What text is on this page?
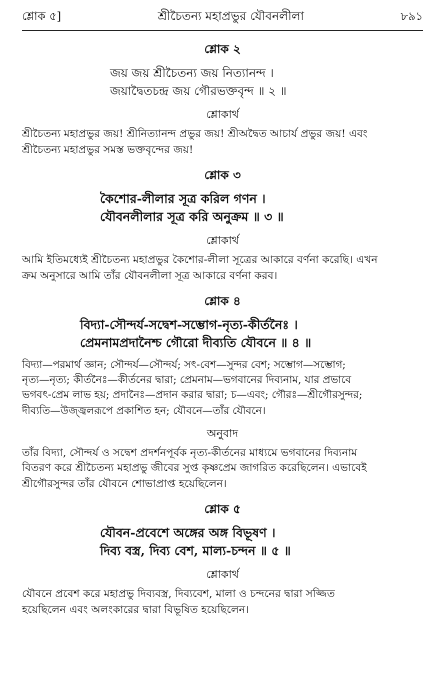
শ্লোক ৫]	শ্রীচৈতন্য মহাপ্রভুর যৌবনলীলা	৮৯১
শ্লোক ২
জয় জয় শ্রীচৈতন্য জয় নিত্যানন্দ ।
জয়াদ্বৈতচন্দ্র জয় গৌরভক্তবৃন্দ ॥ ২ ॥
শ্লোকার্থ

শ্রীচৈতন্য মহাপ্রভুর জয়! শ্রীনিত্যানন্দ প্রভুর জয়! শ্রীঅদ্বৈত আচার্য প্রভুর জয়! এবং

শ্রীচৈতন্য মহাপ্রভুর সমস্ত ভক্তবৃন্দের জয়!

শ্লোক ৩
কৈশোর-লীলার সূত্র করিল গণন ।
যৌবনলীলার সূত্র করি অনুক্রম ॥ ৩ ॥
শ্লোকার্থ

আমি ইতিমধ্যেই শ্রীচৈতন্য মহাপ্রভুর কৈশোর-লীলা সূত্রের আকারে বর্ণনা করেছি। এখন

ক্রম অনুসারে আমি তাঁর যৌবনলীলা সূত্র আকারে বর্ণনা করব।

শ্লোক ৪
বিদ্যা-সৌন্দর্য-সদ্বেশ-সম্ভোগ-নৃত্য-কীর্তনৈঃ ।
প্রেমনামপ্রদানৈশ্চ গৌরো দীব্যতি যৌবনে ॥ ৪ ॥

বিদ্যা—পরমার্থ জ্ঞান; সৌন্দর্য—সৌন্দর্য; সৎ-বেশ—সুন্দর বেশ; সম্ভোগ—সম্ভোগ;

নৃত্য—নৃত্য; কীর্তনৈঃ—কীর্তনের দ্বারা; প্রেমনাম—ভগবানের দিব্যনাম, যার প্রভাবে

ভগবৎ-প্রেম লাভ হয়; প্রদানৈঃ—প্রদান করার দ্বারা; চ—এবং; গৌরঃ—শ্রীগৌরসুন্দর;

দীব্যতি—উজ্জ্বলরূপে প্রকাশিত হন; যৌবনে—তাঁর যৌবনে।

অনুবাদ

তাঁর বিদ্যা, সৌন্দর্য ও সদ্বেশ প্রদর্শনপূর্বক নৃত্য-কীর্তনের মাধ্যমে ভগবানের দিব্যনাম

বিতরণ করে শ্রীচৈতন্য মহাপ্রভু জীবের সুপ্ত কৃষ্ণপ্রেম জাগরিত করেছিলেন। এভাবেই

শ্রীগৌরসুন্দর তাঁর যৌবনে শোভাপ্রাপ্ত হয়েছিলেন।

শ্লোক ৫
যৌবন-প্রবেশে অঙ্গের অঙ্গ বিভূষণ ।
দিব্য বস্ত্র, দিব্য বেশ, মাল্য-চন্দন ॥ ৫ ॥
শ্লোকার্থ

যৌবনে প্রবেশ করে মহাপ্রভু দিব্যবস্ত্র, দিব্যবেশ, মালা ও চন্দনের দ্বারা সজ্জিত

হয়েছিলেন এবং অলংকারের দ্বারা বিভূষিত হয়েছিলেন।
